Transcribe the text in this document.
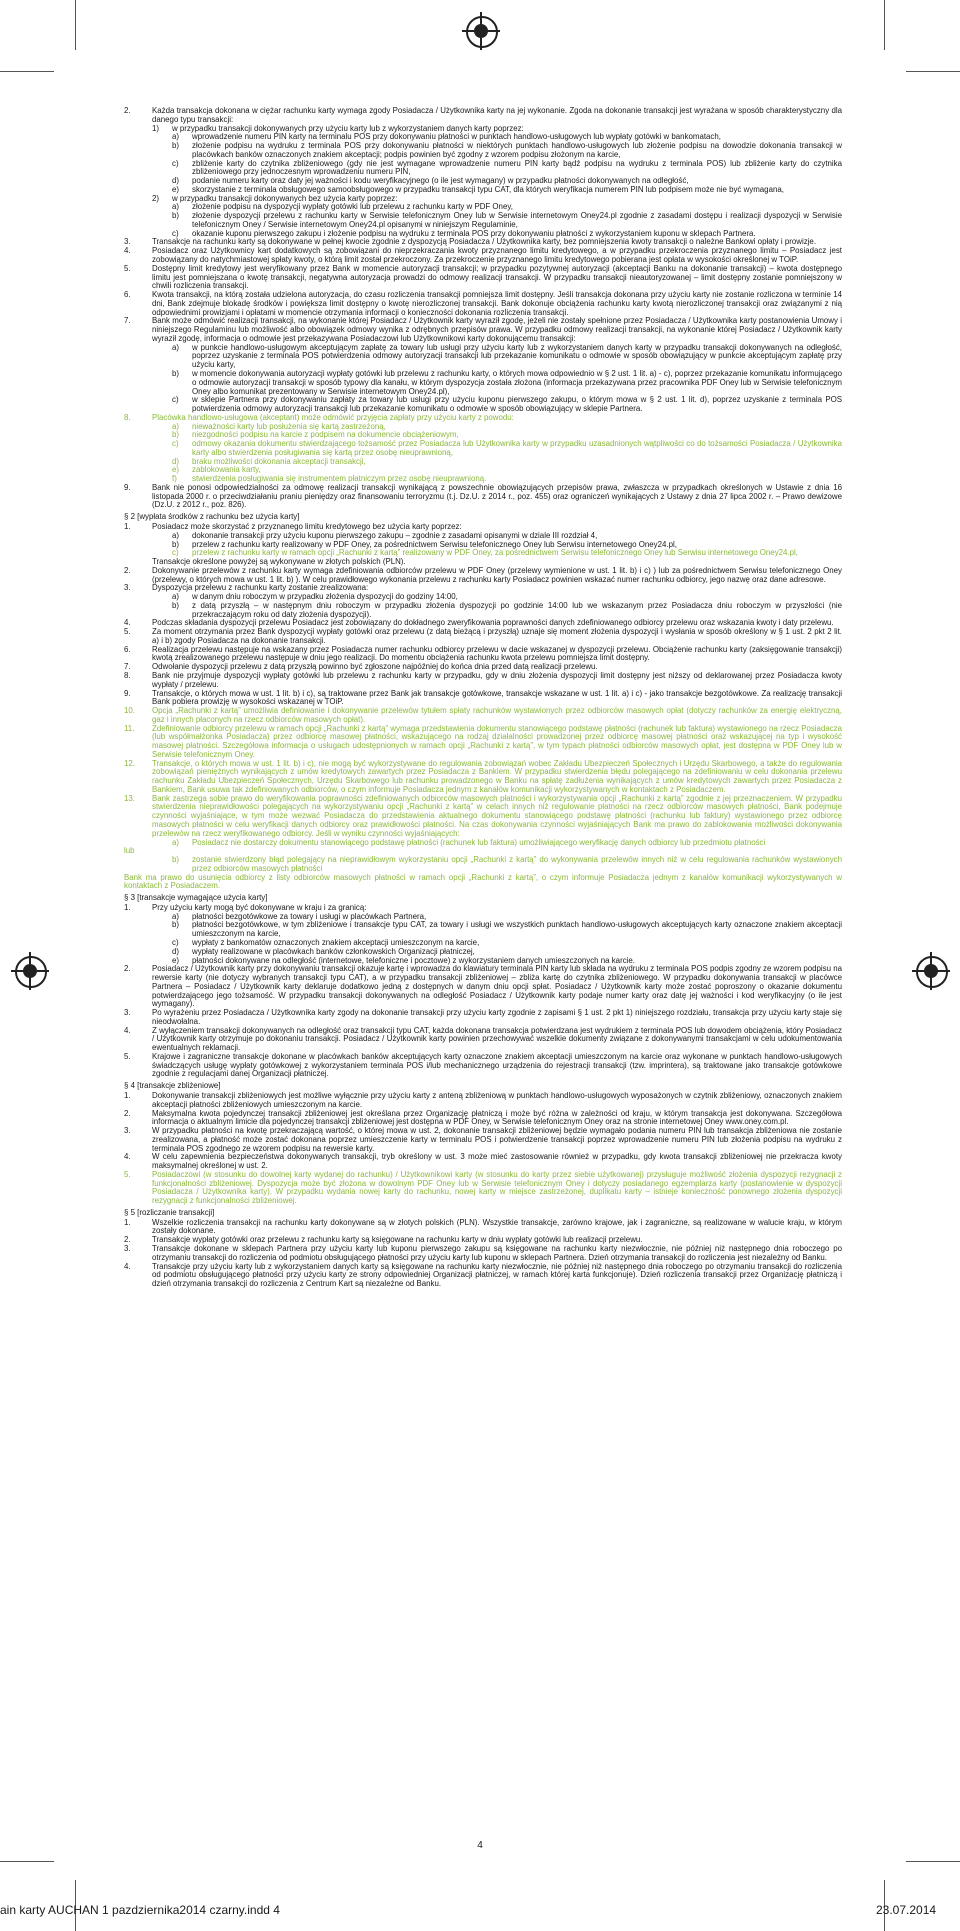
2.	Każda transakcja dokonana w ciężar rachunku karty wymaga zgody Posiadacza / Użytkownika karty na jej wykonanie. Zgoda na dokonanie transakcji jest wyrażana w sposób charakterystyczny dla danego typu transakcji:
1) w przypadku transakcji dokonywanych przy użyciu karty lub z wykorzystaniem danych karty poprzez:
a) wprowadzenie numeru PIN karty na terminalu POS przy dokonywaniu płatności w punktach handlowo-usługowych lub wypłaty gotówki w bankomatach,
b) złożenie podpisu na wydruku z terminala POS przy dokonywaniu płatności w niektórych punktach handlowo-usługowych lub złożenie podpisu na dowodzie dokonania transakcji w placówkach banków oznaczonych znakiem akceptacji; podpis powinien być zgodny z wzorem podpisu złożonym na karcie,
c) zbliżenie karty do czytnika zbliżeniowego (gdy nie jest wymagane wprowadzenie numeru PIN karty bądź podpisu na wydruku z terminala POS) lub zbliżenie karty do czytnika zbliżeniowego przy jednoczesnym wprowadzeniu numeru PIN,
d) podanie numeru karty oraz daty jej ważności i kodu weryfikacyjnego (o ile jest wymagany) w przypadku płatności dokonywanych na odległość,
e) skorzystanie z terminala obsługowego samoobsługowego w przypadku transakcji typu CAT, dla których weryfikacja numerem PIN lub podpisem może nie być wymagana,
2) w przypadku transakcji dokonywanych bez użycia karty poprzez:
a) złożenie podpisu na dyspozycji wypłaty gotówki lub przelewu z rachunku karty w PDF Oney,
b) złożenie dyspozycji przelewu z rachunku karty w Serwisie telefonicznym Oney lub w Serwisie internetowym Oney24.pl zgodnie z zasadami dostępu i realizacji dyspozycji w Serwisie telefonicznym Oney / Serwisie internetowym Oney24.pl opisanymi w niniejszym Regulaminie,
c) okazanie kuponu pierwszego zakupu i złożenie podpisu na wydruku z terminala POS przy dokonywaniu płatności z wykorzystaniem kuponu w sklepach Partnera.
3.	Transakcje na rachunku karty są dokonywane w pełnej kwocie zgodnie z dyspozycją Posiadacza / Użytkownika karty, bez pomniejszenia kwoty transakcji o należne Bankowi opłaty i prowizje.
4.	Posiadacz oraz Użytkownicy kart dodatkowych są zobowiązani do nieprzekraczania kwoty przyznanego limitu kredytowego, a w przypadku przekroczenia przyznanego limitu – Posiadacz jest zobowiązany do natychmiastowej spłaty kwoty, o którą limit został przekroczony. Za przekroczenie przyznanego limitu kredytowego pobierana jest opłata w wysokości określonej w TOiP.
5.	Dostępny limit kredytowy jest weryfikowany przez Bank w momencie autoryzacji transakcji; w przypadku pozytywnej autoryzacji (akceptacji Banku na dokonanie transakcji) – kwota dostępnego limitu jest pomniejszana o kwotę transakcji, negatywna autoryzacja prowadzi do odmowy realizacji transakcji. W przypadku transakcji nieautoryzowanej – limit dostępny zostanie pomniejszony w chwili rozliczenia transakcji.
6.	Kwota transakcji, na którą została udzielona autoryzacja, do czasu rozliczenia transakcji pomniejsza limit dostępny. Jeśli transakcja dokonana przy użyciu karty nie zostanie rozliczona w terminie 14 dni, Bank zdejmuje blokadę środków i powiększa limit dostępny o kwotę nierozliczonej transakcji. Bank dokonuje obciążenia rachunku karty kwotą nierozliczonej transakcji oraz związanymi z nią odpowiednimi prowizjami i opłatami w momencie otrzymania informacji o konieczności dokonania rozliczenia transakcji.
7.	Bank może odmówić realizacji transakcji, na wykonanie której Posiadacz / Użytkownik karty wyraził zgodę, jeżeli nie zostały spełnione przez Posiadacza / Użytkownika karty postanowienia Umowy i niniejszego Regulaminu lub możliwość albo obowiązek odmowy wynika z odrębnych przepisów prawa. W przypadku odmowy realizacji transakcji, na wykonanie której Posiadacz / Użytkownik karty wyraził zgodę, informacja o odmowie jest przekazywana Posiadaczowi lub Użytkownikowi karty dokonującemu transakcji:
a) w punkcie handlowo-usługowym akceptującym zapłatę za towary lub usługi przy użyciu karty lub z wykorzystaniem danych karty w przypadku transakcji dokonywanych na odległość, poprzez uzyskanie z terminala POS potwierdzenia odmowy autoryzacji transakcji lub przekazanie komunikatu o odmowie w sposób obowiązujący w punkcie akceptującym zapłatę przy użyciu karty,
b) w momencie dokonywania autoryzacji wypłaty gotówki lub przelewu z rachunku karty, o których mowa odpowiednio w § 2 ust. 1 lit. a) - c), poprzez przekazanie komunikatu informującego o odmowie autoryzacji transakcji w sposób typowy dla kanału, w którym dyspozycja została złożona (informacja przekazywana przez pracownika PDF Oney lub w Serwisie telefonicznym Oney albo komunikat prezentowany w Serwisie internetowym Oney24.pl),
c) w sklepie Partnera przy dokonywaniu zapłaty za towary lub usługi przy użyciu kuponu pierwszego zakupu, o którym mowa w § 2 ust. 1 lit. d), poprzez uzyskanie z terminala POS potwierdzenia odmowy autoryzacji transakcji lub przekazanie komunikatu o odmowie w sposób obowiązujący w sklepie Partnera.
8.	Placówka handlowo-usługowa (akceptant) może odmówić przyjęcia zapłaty przy użyciu karty z powodu:
a) nieważności karty lub posłużenia się kartą zastrzeżoną,
b) niezgodności podpisu na karcie z podpisem na dokumencie obciążeniowym,
c) odmowy okazania dokumentu stwierdzającego tożsamość przez Posiadacza lub Użytkownika karty w przypadku uzasadnionych wątpliwości co do tożsamości Posiadacza / Użytkownika karty albo stwierdzenia posługiwania się kartą przez osobę nieuprawnioną,
d) braku możliwości dokonania akceptacji transakcji,
e) zablokowania karty,
f) stwierdzenia posługiwania się instrumentem płatniczym przez osobę nieuprawnioną.
9.	Bank nie ponosi odpowiedzialności za odmowę realizacji transakcji wynikającą z powszechnie obowiązujących przepisów prawa, zwłaszcza w przypadkach określonych w Ustawie z dnia 16 listopada 2000 r. o przeciwdziałaniu praniu pieniędzy oraz finansowaniu terroryzmu (t.j. Dz.U. z 2014 r., poz. 455) oraz ograniczeń wynikających z Ustawy z dnia 27 lipca 2002 r. – Prawo dewizowe (Dz.U. z 2012 r., poz. 826).
§ 2 [wypłata środków z rachunku bez użycia karty]
1.	Posiadacz może skorzystać z przyznanego limitu kredytowego bez użycia karty poprzez:
a) dokonanie transakcji przy użyciu kuponu pierwszego zakupu – zgodnie z zasadami opisanymi w dziale III rozdział 4,
b) przelew z rachunku karty realizowany w PDF Oney, za pośrednictwem Serwisu telefonicznego Oney lub Serwisu internetowego Oney24.pl,
c) przelew z rachunku karty w ramach opcji „Rachunki z kartą” realizowany w PDF Oney, za pośrednictwem Serwisu telefonicznego Oney lub Serwisu internetowego Oney24.pl,
Transakcje określone powyżej są wykonywane w złotych polskich (PLN).
2.	Dokonywanie przelewów z rachunku karty wymaga zdefiniowania odbiorców przelewu w PDF Oney (przelewy wymienione w ust. 1 lit. b) i c) ) lub za pośrednictwem Serwisu telefonicznego Oney (przelewy, o których mowa w ust. 1 lit. b) ). W celu prawidłowego wykonania przelewu z rachunku karty Posiadacz powinien wskazać numer rachunku odbiorcy, jego nazwę oraz dane adresowe.
3.	Dyspozycja przelewu z rachunku karty zostanie zrealizowana:
a) w danym dniu roboczym w przypadku złożenia dyspozycji do godziny 14:00,
b) z datą przyszłą – w następnym dniu roboczym w przypadku złożenia dyspozycji po godzinie 14:00 lub we wskazanym przez Posiadacza dniu roboczym w przyszłości (nie przekraczającym roku od daty złożenia dyspozycji).
4.	Podczas składania dyspozycji przelewu Posiadacz jest zobowiązany do dokładnego zweryfikowania poprawności danych zdefiniowanego odbiorcy przelewu oraz wskazania kwoty i daty przelewu.
5.	Za moment otrzymania przez Bank dyspozycji wypłaty gotówki oraz przelewu (z datą bieżącą i przyszłą) uznaje się moment złożenia dyspozycji i wysłania w sposób określony w § 1 ust. 2 pkt 2 lit. a) i b) zgody Posiadacza na dokonanie transakcji.
6.	Realizacja przelewu następuje na wskazany przez Posiadacza numer rachunku odbiorcy przelewu w dacie wskazanej w dyspozycji przelewu. Obciążenie rachunku karty (zaksięgowanie transakcji) kwotą zrealizowanego przelewu następuje w dniu jego realizacji. Do momentu obciążenia rachunku kwota przelewu pomniejsza limit dostępny.
7.	Odwołanie dyspozycji przelewu z datą przyszłą powinno być zgłoszone najpóźniej do końca dnia przed datą realizacji przelewu.
8.	Bank nie przyjmuje dyspozycji wypłaty gotówki lub przelewu z rachunku karty w przypadku, gdy w dniu złożenia dyspozycji limit dostępny jest niższy od deklarowanej przez Posiadacza kwoty wypłaty / przelewu.
9.	Transakcje, o których mowa w ust. 1 lit. b) i c), są traktowane przez Bank jak transakcje gotówkowe, transakcje wskazane w ust. 1 lit. a) i c) - jako transakcje bezgotówkowe. Za realizację transakcji Bank pobiera prowizję w wysokości wskazanej w TOiP.
10. Opcja „Rachunki z kartą” umożliwia definiowanie i dokonywanie przelewów tytułem spłaty rachunków wystawionych przez odbiorców masowych opłat (dotyczy rachunków za energię elektryczną, gaz i innych płaconych na rzecz odbiorców masowych opłat).
11. Zdefiniowanie odbiorcy przelewu w ramach opcji „Rachunki z kartą” wymaga przedstawienia dokumentu stanowiącego podstawę płatności (rachunek lub faktura) wystawionego na rzecz Posiadacza (lub współmałżonka Posiadacza) przez odbiorcę masowej płatności, wskazującego na rodzaj działalności prowadzonej przez odbiorcę masowej płatności oraz wskazującej na typ i wysokość masowej płatności. Szczegółowa informacja o usługach udostępnionych w ramach opcji „Rachunki z kartą”, w tym typach płatności odbiorców masowych opłat, jest dostępna w PDF Oney lub w Serwisie telefonicznym Oney.
12. Transakcje, o których mowa w ust. 1 lit. b) i c), nie mogą być wykorzystywane do regulowania zobowiązań wobec Zakładu Ubezpieczeń Społecznych i Urzędu Skarbowego, a także do regulowania zobowiązań pieniężnych wynikających z umów kredytowych zawartych przez Posiadacza z Bankiem. W przypadku stwierdzenia błędu polegającego na zdefiniowaniu w celu dokonania przelewu rachunku Zakładu Ubezpieczeń Społecznych, Urzędu Skarbowego lub rachunku prowadzonego w Banku na spłatę zadłużenia wynikających z umów kredytowych zawartych przez Posiadacza z Bankiem, Bank usuwa tak zdefiniowanych odbiorców, o czym informuje Posiadacza jednym z kanałów komunikacji wykorzystywanych w kontaktach z Posiadaczem.
13. Bank zastrzega sobie prawo do weryfikowania poprawności zdefiniowanych odbiorców masowych płatności i wykorzystywania opcji „Rachunki z kartą” zgodnie z jej przeznaczeniem. W przypadku stwierdzenia nieprawidłowości polegających na wykorzystywaniu opcji „Rachunki z kartą” w celach innych niż regulowanie płatności na rzecz odbiorców masowych płatności, Bank podejmuje czynności wyjaśniające, w tym może wezwać Posiadacza do przedstawienia aktualnego dokumentu stanowiącego podstawę płatności (rachunku lub faktury) wystawionego przez odbiorcę masowych płatności w celu weryfikacji danych odbiorcy oraz prawidłowości płatności. Na czas dokonywania czynności wyjaśniających Bank ma prawo do zablokowania możliwości dokonywania przelewów na rzecz weryfikowanego odbiorcy. Jeśli w wyniku czynności wyjaśniających:
a) Posiadacz nie dostarczy dokumentu stanowiącego podstawę płatności (rachunek lub faktura) umożliwiającego weryfikację danych odbiorcy lub przedmiotu płatności
lub
b) zostanie stwierdzony błąd polegający na nieprawidłowym wykorzystaniu opcji „Rachunki z kartą” do wykonywania przelewów innych niż w celu regulowania rachunków wystawionych przez odbiorców masowych płatności
Bank ma prawo do usunięcia odbiorcy z listy odbiorców masowych płatności w ramach opcji „Rachunki z kartą”, o czym informuje Posiadacza jednym z kanałów komunikacji wykorzystywanych w kontaktach z Posiadaczem.
§ 3 [transakcje wymagające użycia karty]
1.	Przy użyciu karty mogą być dokonywane w kraju i za granicą:
a) płatności bezgotówkowe za towary i usługi w placówkach Partnera,
b) płatności bezgotówkowe, w tym zbliżeniowe i transakcje typu CAT, za towary i usługi we wszystkich punktach handlowo-usługowych akceptujących karty oznaczone znakiem akceptacji umieszczonym na karcie,
c) wypłaty z bankomatów oznaczonych znakiem akceptacji umieszczonym na karcie,
d) wypłaty realizowane w placówkach banków członkowskich Organizacji płatniczej,
e) płatności dokonywane na odległość (internetowe, telefoniczne i pocztowe) z wykorzystaniem danych umieszczonych na karcie.
2.	Posiadacz / Użytkownik karty przy dokonywaniu transakcji okazuje kartę i wprowadza do klawiatury terminala PIN karty lub składa na wydruku z terminala POS podpis zgodny ze wzorem podpisu na rewersie karty (nie dotyczy wybranych transakcji typu CAT), a w przypadku transakcji zbliżeniowej – zbliża kartę do czytnika zbliżeniowego. W przypadku dokonywania transakcji w placówce Partnera – Posiadacz / Użytkownik karty deklaruje dodatkowo jedną z dostępnych w danym dniu opcji spłat. Posiadacz / Użytkownik karty może zostać poproszony o okazanie dokumentu potwierdzającego jego tożsamość. W przypadku transakcji dokonywanych na odległość Posiadacz / Użytkownik karty podaje numer karty oraz datę jej ważności i kod weryfikacyjny (o ile jest wymagany).
3.	Po wyrażeniu przez Posiadacza / Użytkownika karty zgody na dokonanie transakcji przy użyciu karty zgodnie z zapisami § 1 ust. 2 pkt 1) niniejszego rozdziału, transakcja przy użyciu karty staje się nieodwołalna.
4.	Z wyłączeniem transakcji dokonywanych na odległość oraz transakcji typu CAT, każda dokonana transakcja potwierdzana jest wydrukiem z terminala POS lub dowodem obciążenia, który Posiadacz / Użytkownik karty otrzymuje po dokonaniu transakcji. Posiadacz / Użytkownik karty powinien przechowywać wszelkie dokumenty związane z dokonywanymi transakcjami w celu udokumentowania ewentualnych reklamacji.
5.	Krajowe i zagraniczne transakcje dokonane w placówkach banków akceptujących karty oznaczone znakiem akceptacji umieszczonym na karcie oraz wykonane w punktach handlowo-usługowych świadczących usługę wypłaty gotówkowej z wykorzystaniem terminala POS i/lub mechanicznego urządzenia do rejestracji transakcji (tzw. imprintera), są traktowane jako transakcje gotówkowe zgodnie z regulacjami danej Organizacji płatniczej.
§ 4 [transakcje zbliżeniowe]
1.	Dokonywanie transakcji zbliżeniowych jest możliwe wyłącznie przy użyciu karty z anteną zbliżeniową w punktach handlowo-usługowych wyposażonych w czytnik zbliżeniowy, oznaczonych znakiem akceptacji płatności zbliżeniowych umieszczonym na karcie.
2.	Maksymalna kwota pojedynczej transakcji zbliżeniowej jest określana przez Organizację płatniczą i może być różna w zależności od kraju, w którym transakcja jest dokonywana. Szczegółowa informacja o aktualnym limicie dla pojedynczej transakcji zbliżeniowej jest dostępna w PDF Oney, w Serwisie telefonicznym Oney oraz na stronie internetowej Oney www.oney.com.pl.
3.	W przypadku płatności na kwotę przekraczającą wartość, o której mowa w ust. 2, dokonanie transakcji zbliżeniowej będzie wymagało podania numeru PIN lub transakcja zbliżeniowa nie zostanie zrealizowana, a płatność może zostać dokonana poprzez umieszczenie karty w terminalu POS i potwierdzenie transakcji poprzez wprowadzenie numeru PIN lub złożenia podpisu na wydruku z terminala POS zgodnego ze wzorem podpisu na rewersie karty.
4.	W celu zapewnienia bezpieczeństwa dokonywanych transakcji, tryb określony w ust. 3 może mieć zastosowanie również w przypadku, gdy kwota transakcji zbliżeniowej nie przekracza kwoty maksymalnej określonej w ust. 2.
5.	Posiadaczowi (w stosunku do dowolnej karty wydanej do rachunku) / Użytkownikowi karty (w stosunku do karty przez siebie użytkowanej) przysługuje możliwość złożenia dyspozycji rezygnacji z funkcjonalności zbliżeniowej. Dyspozycja może być złożona w dowolnym PDF Oney lub w Serwisie telefonicznym Oney i dotyczy posiadanego egzemplarza karty (postanowienie w dyspozycji Posiadacza / Użytkownika karty). W przypadku wydania nowej karty do rachunku, nowej karty w miejsce zastrzeżonej, duplikatu karty – istnieje konieczność ponownego złożenia dyspozycji rezygnacji z funkcjonalności zbliżeniowej.
§ 5 [rozliczanie transakcji]
1.	Wszelkie rozliczenia transakcji na rachunku karty dokonywane są w złotych polskich (PLN). Wszystkie transakcje, zarówno krajowe, jak i zagraniczne, są realizowane w walucie kraju, w którym zostały dokonane.
2.	Transakcje wypłaty gotówki oraz przelewu z rachunku karty są księgowane na rachunku karty w dniu wypłaty gotówki lub realizacji przelewu.
3.	Transakcje dokonane w sklepach Partnera przy użyciu karty lub kuponu pierwszego zakupu są księgowane na rachunku karty niezwłocznie, nie później niż następnego dnia roboczego po otrzymaniu transakcji do rozliczenia od podmiotu obsługującego płatności przy użyciu karty lub kuponu w sklepach Partnera. Dzień otrzymania transakcji do rozliczenia jest niezależny od Banku.
4.	Transakcje przy użyciu karty lub z wykorzystaniem danych karty są księgowane na rachunku karty niezwłocznie, nie później niż następnego dnia roboczego po otrzymaniu transakcji do rozliczenia od podmiotu obsługującego płatności przy użyciu karty ze strony odpowiedniej Organizacji płatniczej, w ramach której karta funkcjonuje). Dzień rozliczenia transakcji przez Organizację płatniczą i dzień otrzymania transakcji do rozliczenia z Centrum Kart są niezależne od Banku.
4
ain karty AUCHAN 1 pazdziernika2014 czarny.indd 4	23.07.2014
